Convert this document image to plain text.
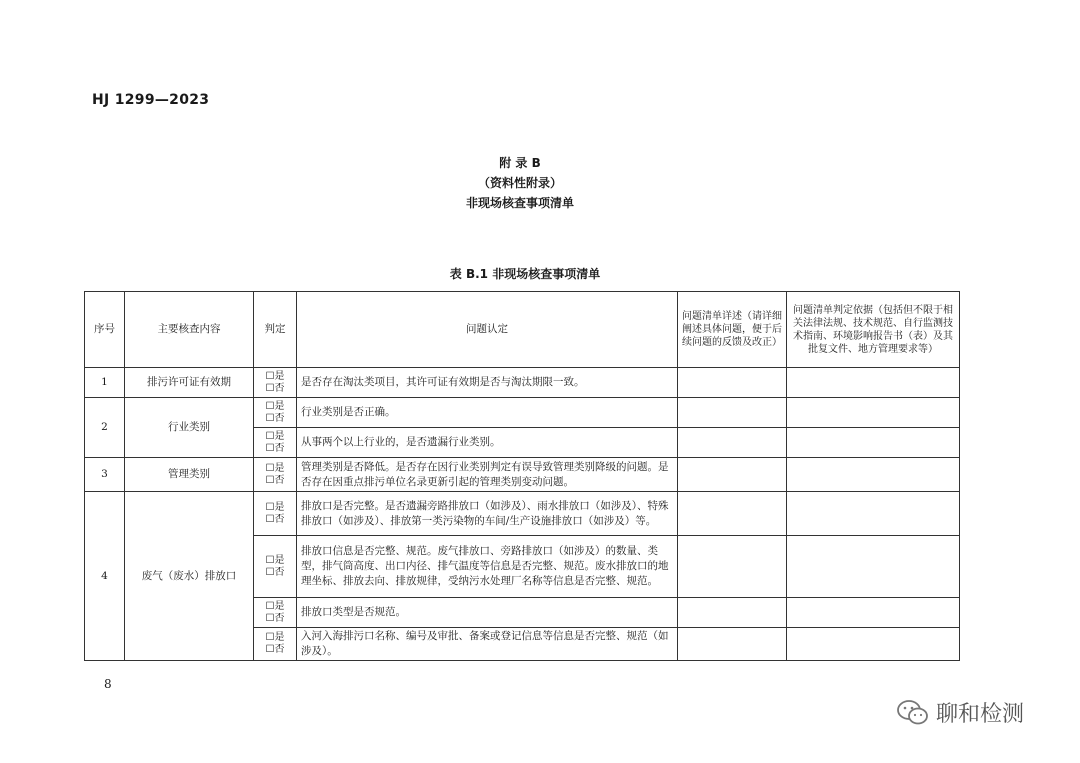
HJ 1299—2023
附 录 B
（资料性附录）
非现场核查事项清单
表 B.1 非现场核查事项清单
序号	主要核查内容	判定	问题认定	问题清单详述（请详细阐述具体问题，便于后续问题的反馈及改正）	问题清单判定依据（包括但不限于相关法律法规、技术规范、自行监测技术指南、环境影响报告书（表）及其批复文件、地方管理要求等）
1	排污许可证有效期	☐是
☐否	是否存在淘汰类项目，其许可证有效期是否与淘汰期限一致。		
2	行业类别	☐是
☐否	行业类别是否正确。		

		☐是
☐否	从事两个以上行业的，是否遗漏行业类别。		
3	管理类别	☐是
☐否	管理类别是否降低。是否存在因行业类别判定有误导致管理类别降级的问题。是否存在因重点排污单位名录更新引起的管理类别变动问题。		
4	废气（废水）排放口	☐是
☐否	排放口是否完整。是否遗漏旁路排放口（如涉及）、雨水排放口（如涉及）、特殊排放口（如涉及）、排放第一类污染物的车间/生产设施排放口（如涉及）等。		

		☐是
☐否	排放口信息是否完整、规范。废气排放口、旁路排放口（如涉及）的数量、类型，排气筒高度、出口内径、排气温度等信息是否完整、规范。废水排放口的地理坐标、排放去向、排放规律，受纳污水处理厂名称等信息是否完整、规范。		

		☐是
☐否	排放口类型是否规范。		

		☐是
☐否	入河入海排污口名称、编号及审批、备案或登记信息等信息是否完整、规范（如涉及）。		
8
聊和检测
